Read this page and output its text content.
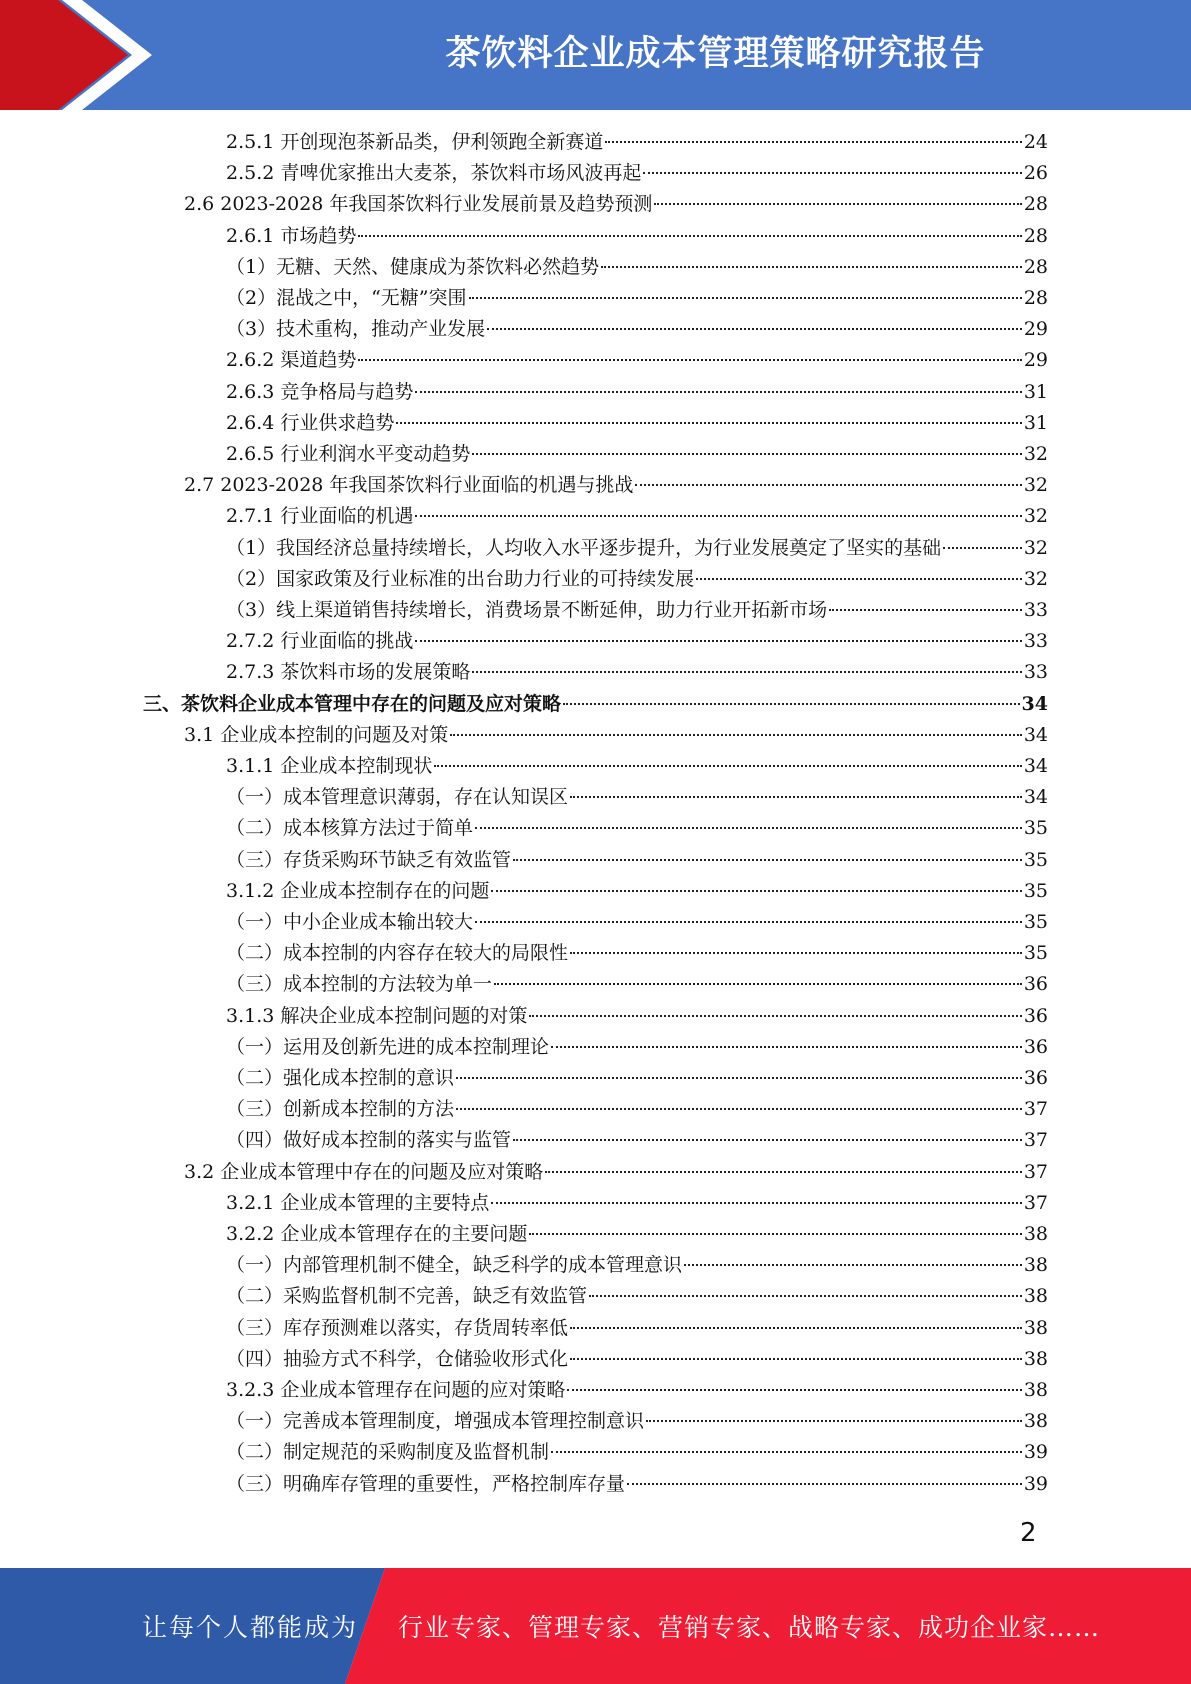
茶饮料企业成本管理策略研究报告
2.5.1 开创现泡茶新品类，伊利领跑全新赛道	24
2.5.2 青啤优家推出大麦茶，茶饮料市场风波再起	26
2.6 2023-2028 年我国茶饮料行业发展前景及趋势预测	28
2.6.1 市场趋势	28
（1）无糖、天然、健康成为茶饮料必然趋势	28
（2）混战之中，“无糖”突围	28
（3）技术重构，推动产业发展	29
2.6.2 渠道趋势	29
2.6.3 竞争格局与趋势	31
2.6.4 行业供求趋势	31
2.6.5 行业利润水平变动趋势	32
2.7 2023-2028 年我国茶饮料行业面临的机遇与挑战	32
2.7.1 行业面临的机遇	32
（1）我国经济总量持续增长，人均收入水平逐步提升，为行业发展奠定了坚实的基础	32
（2）国家政策及行业标准的出台助力行业的可持续发展	32
（3）线上渠道销售持续增长，消费场景不断延伸，助力行业开拓新市场	33
2.7.2 行业面临的挑战	33
2.7.3 茶饮料市场的发展策略	33
三、茶饮料企业成本管理中存在的问题及应对策略	34
3.1 企业成本控制的问题及对策	34
3.1.1 企业成本控制现状	34
（一）成本管理意识薄弱，存在认知误区	34
（二）成本核算方法过于简单	35
（三）存货采购环节缺乏有效监管	35
3.1.2 企业成本控制存在的问题	35
（一）中小企业成本输出较大	35
（二）成本控制的内容存在较大的局限性	35
（三）成本控制的方法较为单一	36
3.1.3 解决企业成本控制问题的对策	36
（一）运用及创新先进的成本控制理论	36
（二）强化成本控制的意识	36
（三）创新成本控制的方法	37
（四）做好成本控制的落实与监管	37
3.2 企业成本管理中存在的问题及应对策略	37
3.2.1 企业成本管理的主要特点	37
3.2.2 企业成本管理存在的主要问题	38
（一）内部管理机制不健全，缺乏科学的成本管理意识	38
（二）采购监督机制不完善，缺乏有效监管	38
（三）库存预测难以落实，存货周转率低	38
（四）抽验方式不科学，仓储验收形式化	38
3.2.3 企业成本管理存在问题的应对策略	38
（一）完善成本管理制度，增强成本管理控制意识	38
（二）制定规范的采购制度及监督机制	39
（三）明确库存管理的重要性，严格控制库存量	39
2
让每个人都能成为 行业专家、管理专家、营销专家、战略专家、成功企业家……
